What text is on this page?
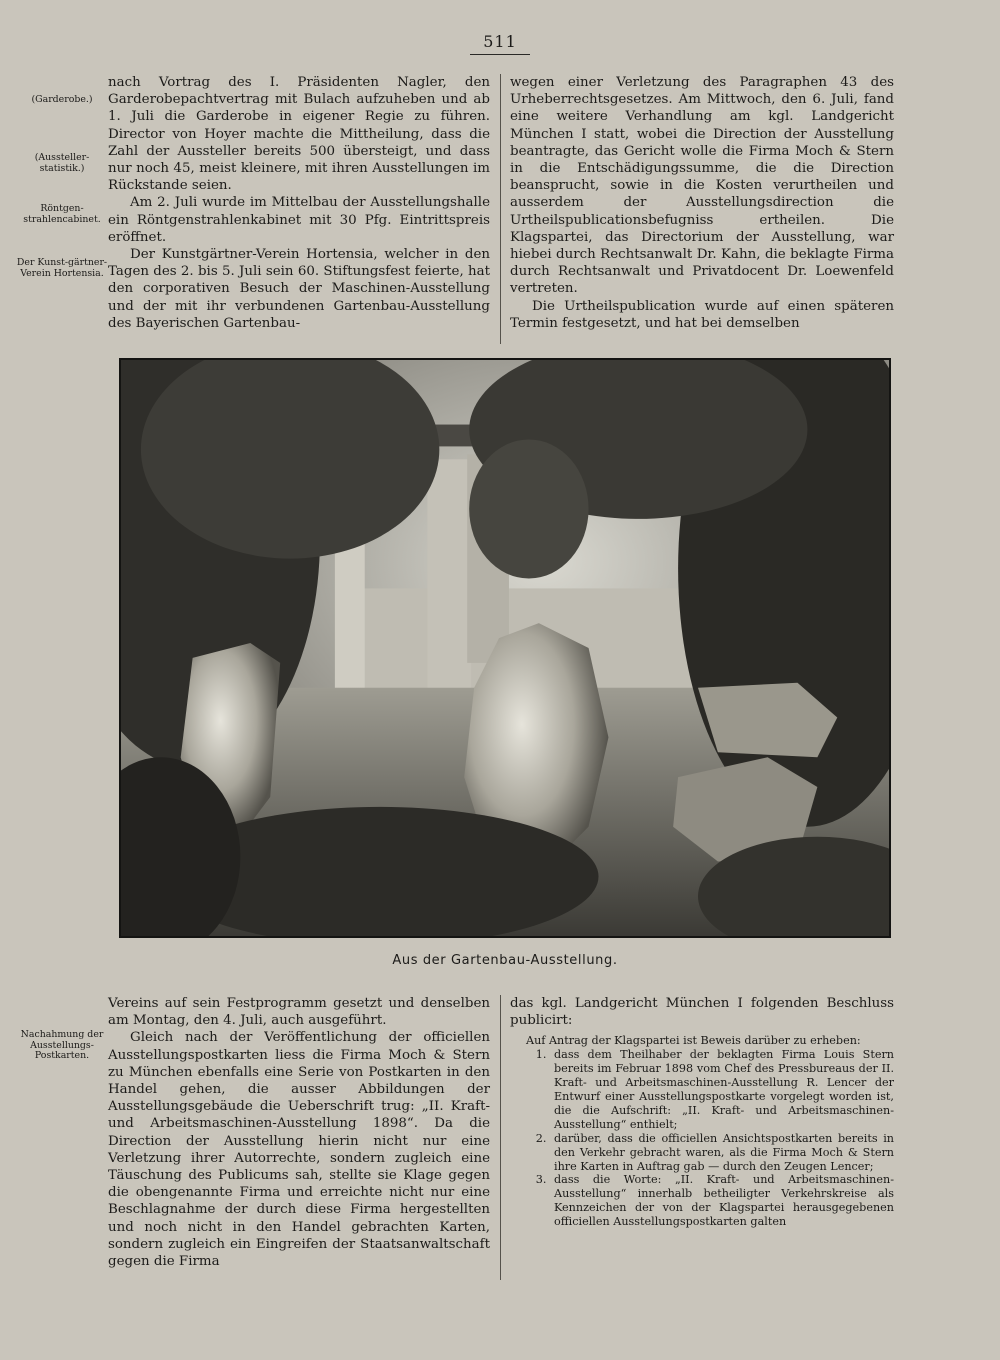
511
(Garderobe.)
(Aussteller-statistik.)
Röntgen-strahlencabinet.
Der Kunst-gärtner-Verein Hortensia.
Nachahmung der Ausstellungs-Postkarten.

nach Vortrag des I. Präsidenten Nagler, den Garderobepachtvertrag mit Bulach aufzuheben und ab 1. Juli die Garderobe in eigener Regie zu führen. Director von Hoyer machte die Mittheilung, dass die Zahl der Aussteller bereits 500 übersteigt, und dass nur noch 45, meist kleinere, mit ihren Ausstellungen im Rückstande seien.

Am 2. Juli wurde im Mittelbau der Ausstellungshalle ein Röntgenstrahlenkabinet mit 30 Pfg. Eintrittspreis eröffnet.

Der Kunstgärtner-Verein Hortensia, welcher in den Tagen des 2. bis 5. Juli sein 60. Stiftungsfest feierte, hat den corporativen Besuch der Maschinen-Ausstellung und der mit ihr verbundenen Gartenbau-Ausstellung des Bayerischen Gartenbau-

wegen einer Verletzung des Paragraphen 43 des Urheberrechtsgesetzes. Am Mittwoch, den 6. Juli, fand eine weitere Verhandlung am kgl. Landgericht München I statt, wobei die Direction der Ausstellung beantragte, das Gericht wolle die Firma Moch & Stern in die Entschädigungssumme, die die Direction beansprucht, sowie in die Kosten verurtheilen und ausserdem der Ausstellungsdirection die Urtheilspublicationsbefugniss ertheilen. Die Klagspartei, das Directorium der Ausstellung, war hiebei durch Rechtsanwalt Dr. Kahn, die beklagte Firma durch Rechtsanwalt und Privatdocent Dr. Loewenfeld vertreten.

Die Urtheilspublication wurde auf einen späteren Termin festgesetzt, und hat bei demselben

Aus der Gartenbau-Ausstellung.

Vereins auf sein Festprogramm gesetzt und denselben am Montag, den 4. Juli, auch ausgeführt.

Gleich nach der Veröffentlichung der officiellen Ausstellungspostkarten liess die Firma Moch & Stern zu München ebenfalls eine Serie von Postkarten in den Handel gehen, die ausser Abbildungen der Ausstellungsgebäude die Ueberschrift trug: „II. Kraft- und Arbeitsmaschinen-Ausstellung 1898“. Da die Direction der Ausstellung hierin nicht nur eine Verletzung ihrer Autorrechte, sondern zugleich eine Täuschung des Publicums sah, stellte sie Klage gegen die obengenannte Firma und erreichte nicht nur eine Beschlagnahme der durch diese Firma hergestellten und noch nicht in den Handel gebrachten Karten, sondern zugleich ein Eingreifen der Staatsanwaltschaft gegen die Firma

das kgl. Landgericht München I folgenden Beschluss publicirt:

Auf Antrag der Klagspartei ist Beweis darüber zu erheben:

1. dass dem Theilhaber der beklagten Firma Louis Stern bereits im Februar 1898 vom Chef des Pressbureaus der II. Kraft- und Arbeitsmaschinen-Ausstellung R. Lencer der Entwurf einer Ausstellungspostkarte vorgelegt worden ist, die die Aufschrift: „II. Kraft- und Arbeitsmaschinen-Ausstellung“ enthielt;
2. darüber, dass die officiellen Ansichtspostkarten bereits in den Verkehr gebracht waren, als die Firma Moch & Stern ihre Karten in Auftrag gab — durch den Zeugen Lencer;
3. dass die Worte: „II. Kraft- und Arbeitsmaschinen-Ausstellung“ innerhalb betheiligter Verkehrskreise als Kennzeichen der von der Klagspartei herausgegebenen officiellen Ausstellungspostkarten galten
